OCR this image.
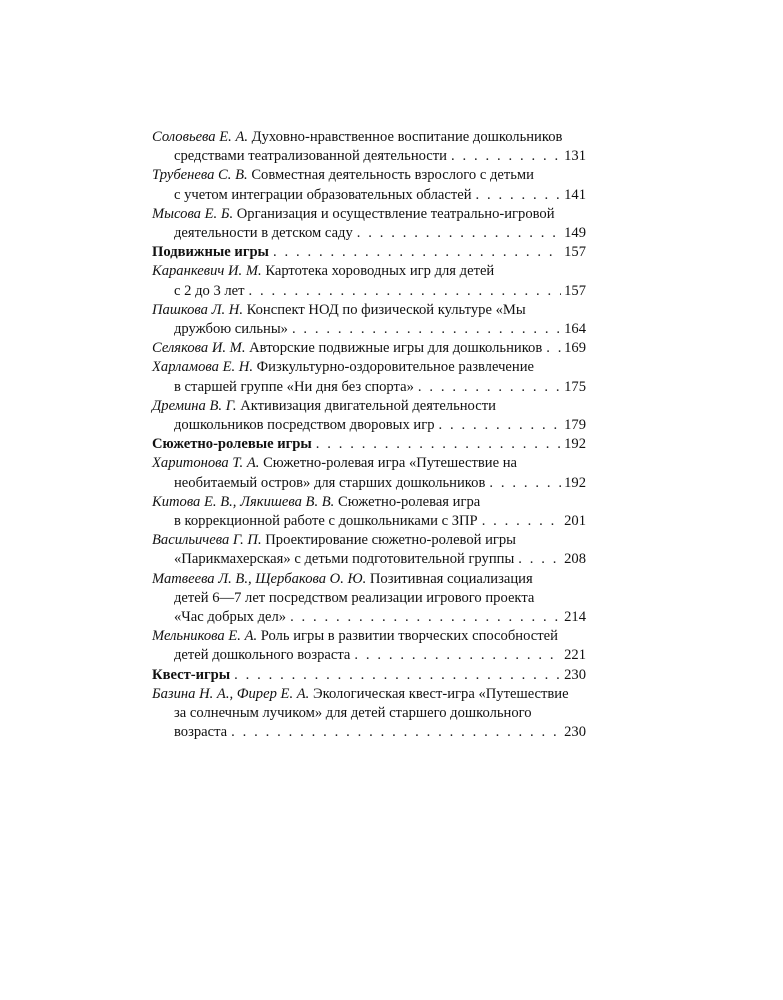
Соловьева Е. А.
Духовно-нравственное воспитание дошкольников
средствами театрализованной деятельности . . .	131
Трубенева С. В.
Совместная деятельность взрослого с детьми
с учетом интеграции образовательных областей . . .	141
Мысова Е. Б.
Организация и осуществление театрально-игровой
деятельности в детском саду . . .	149
Подвижные игры . . .	157
Каранкевич И. М.
Картотека хороводных игр для детей
с 2 до 3 лет . . .	157
Пашкова Л. Н.
Конспект НОД по физической культуре «Мы
дружбою сильны» . . .	164
Селякова И. М.
Авторские подвижные игры для дошкольников . . . 169
Харламова Е. Н.
Физкультурно-оздоровительное развлечение
в старшей группе «Ни дня без спорта» . . .	175
Дремина В. Г.
Активизация двигательной деятельности
дошкольников посредством дворовых игр . . .	179
Сюжетно-ролевые игры . . .	192
Харитонова Т. А.
Сюжетно-ролевая игра «Путешествие на
необитаемый остров» для старших дошкольников . . .	192
Китова Е. В., Лякишева В. В.
Сюжетно-ролевая игра
в коррекционной работе с дошкольниками с ЗПР . . .	201
Васильичева Г. П.
Проектирование сюжетно-ролевой игры
«Парикмахерская» с детьми подготовительной группы . . .	208
Матвеева Л. В., Щербакова О. Ю.
Позитивная социализация
детей 6—7 лет посредством реализации игрового проекта
«Час добрых дел» . . .	214
Мельникова Е. А.
Роль игры в развитии творческих способностей
детей дошкольного возраста . . .	221
Квест-игры . . .	230
Базина Н. А., Фирер Е. А.
Экологическая квест-игра «Путешествие
за солнечным лучиком» для детей старшего дошкольного
возраста . . .	230
